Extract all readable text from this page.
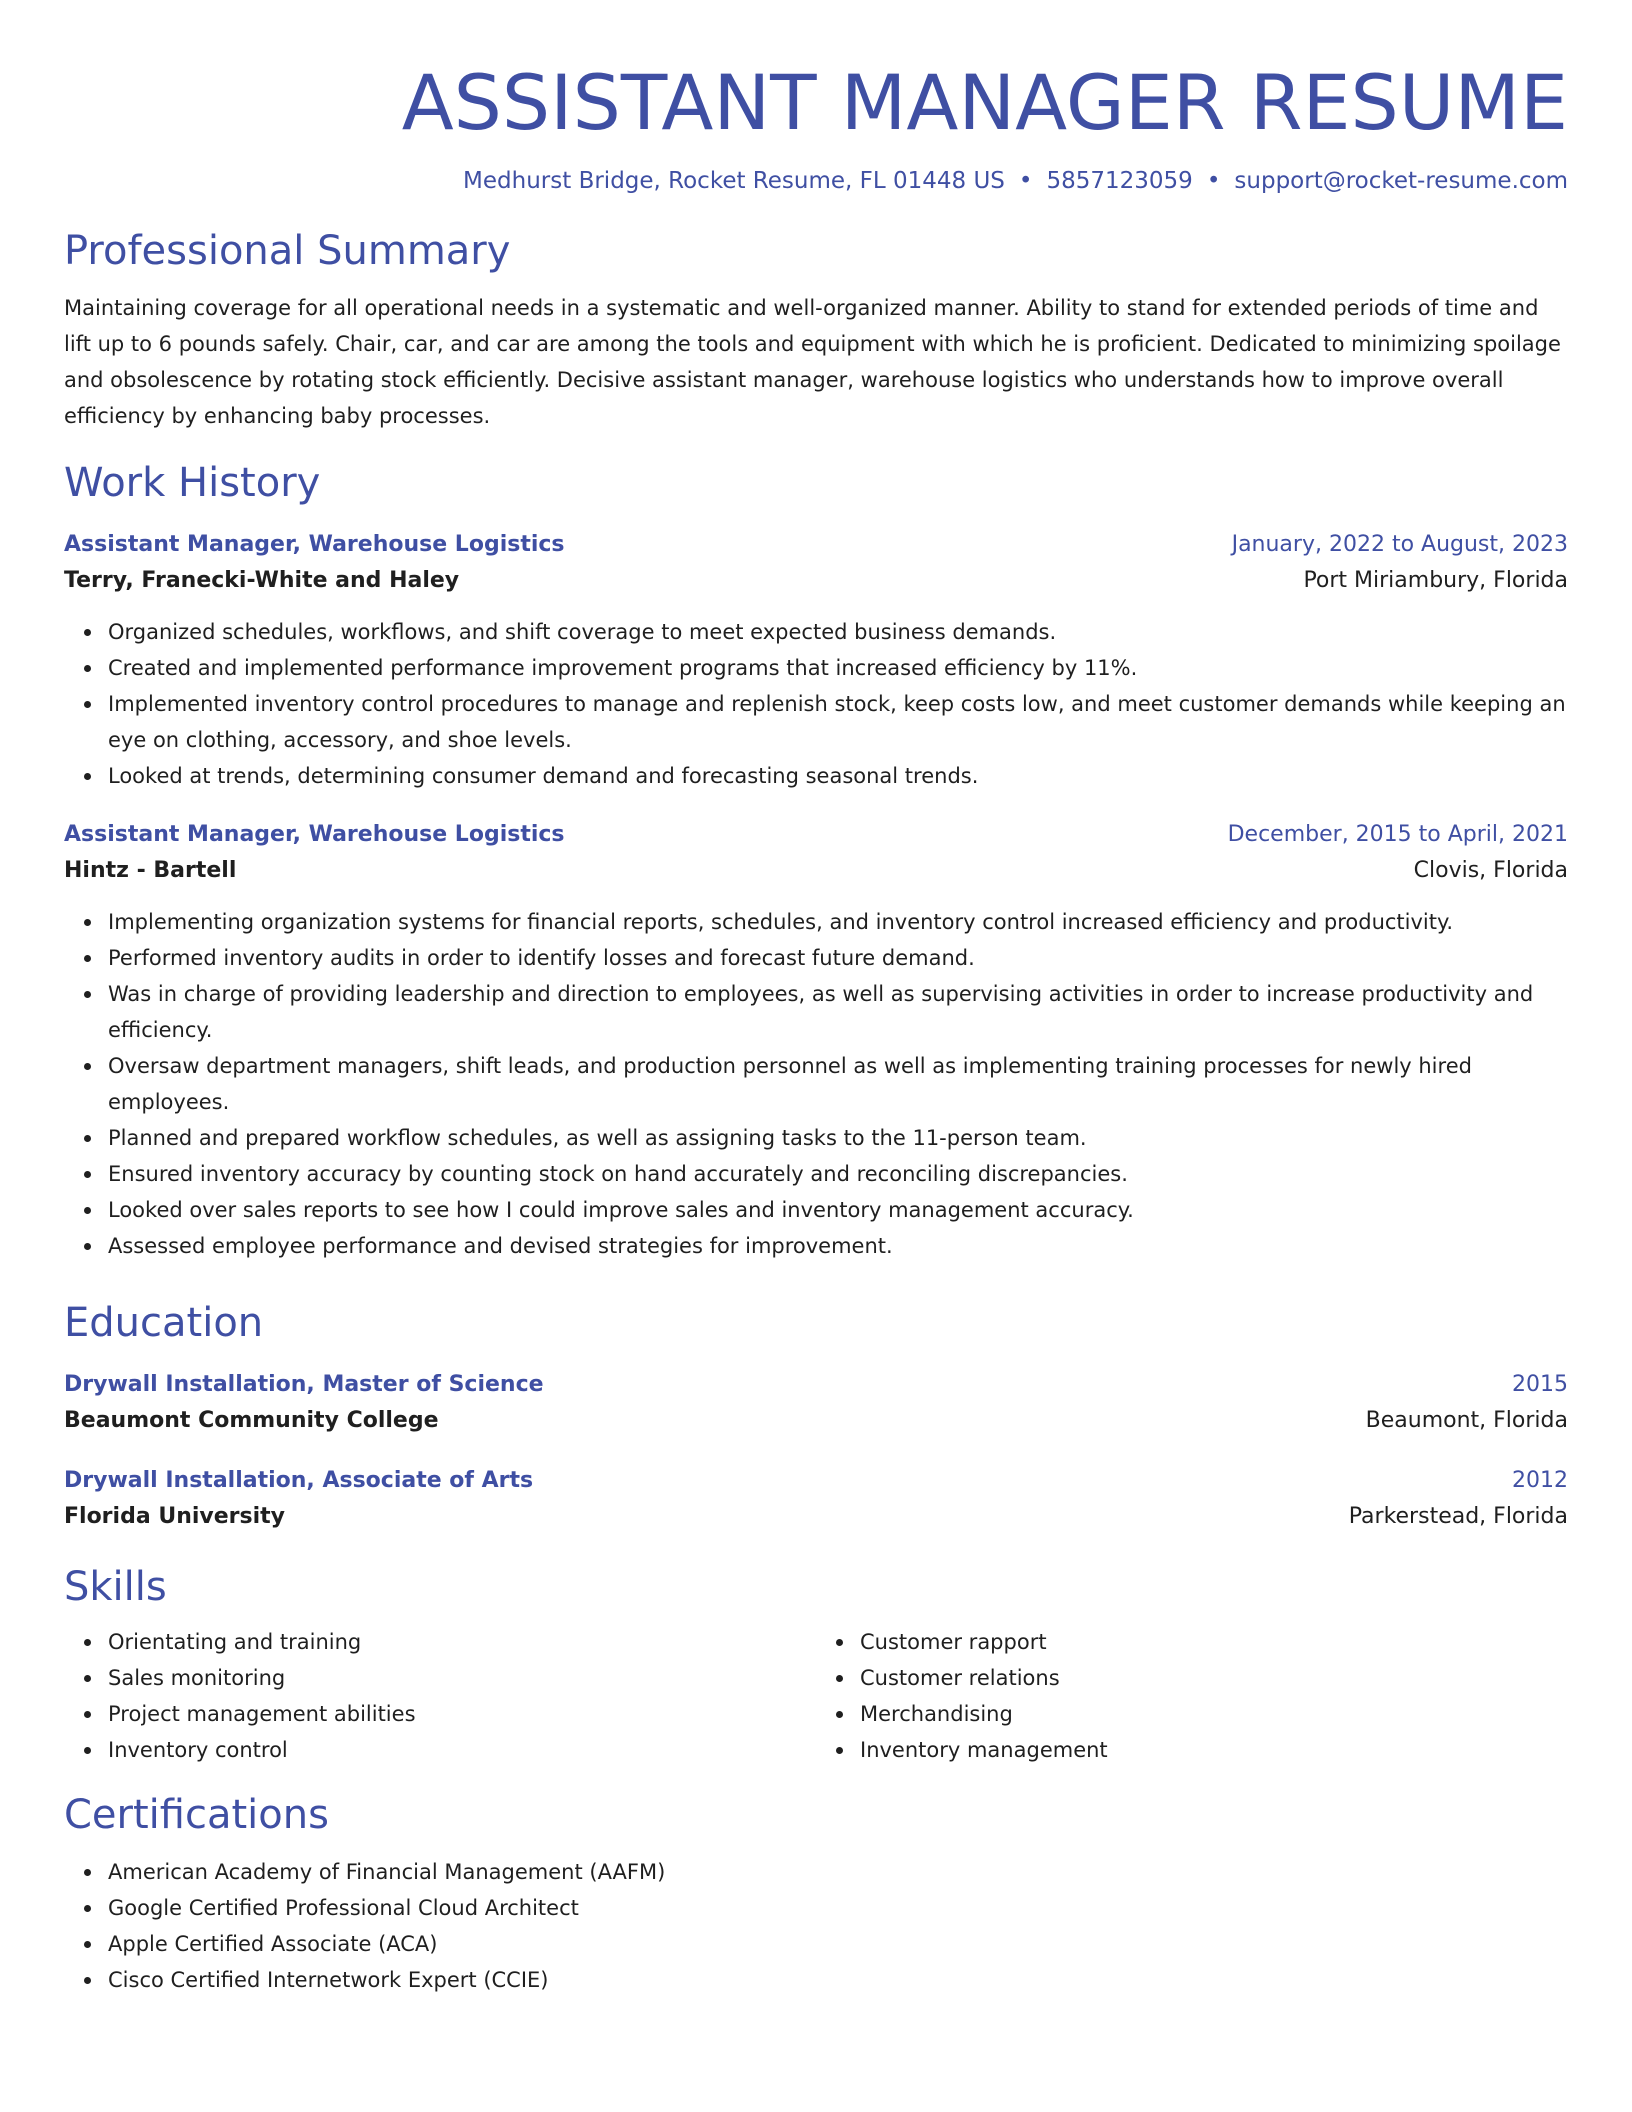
ASSISTANT MANAGER RESUME
Medhurst Bridge, Rocket Resume, FL 01448 US • 5857123059 • support@rocket-resume.com
Professional Summary
Maintaining coverage for all operational needs in a systematic and well-organized manner. Ability to stand for extended periods of time and lift up to 6 pounds safely. Chair, car, and car are among the tools and equipment with which he is proficient. Dedicated to minimizing spoilage and obsolescence by rotating stock efficiently. Decisive assistant manager, warehouse logistics who understands how to improve overall efficiency by enhancing baby processes.
Work History
Assistant Manager, Warehouse Logistics	January, 2022 to August, 2023
Terry, Franecki-White and Haley	Port Miriambury, Florida
Organized schedules, workflows, and shift coverage to meet expected business demands.
Created and implemented performance improvement programs that increased efficiency by 11%.
Implemented inventory control procedures to manage and replenish stock, keep costs low, and meet customer demands while keeping an eye on clothing, accessory, and shoe levels.
Looked at trends, determining consumer demand and forecasting seasonal trends.
Assistant Manager, Warehouse Logistics	December, 2015 to April, 2021
Hintz - Bartell	Clovis, Florida
Implementing organization systems for financial reports, schedules, and inventory control increased efficiency and productivity.
Performed inventory audits in order to identify losses and forecast future demand.
Was in charge of providing leadership and direction to employees, as well as supervising activities in order to increase productivity and efficiency.
Oversaw department managers, shift leads, and production personnel as well as implementing training processes for newly hired employees.
Planned and prepared workflow schedules, as well as assigning tasks to the 11-person team.
Ensured inventory accuracy by counting stock on hand accurately and reconciling discrepancies.
Looked over sales reports to see how I could improve sales and inventory management accuracy.
Assessed employee performance and devised strategies for improvement.
Education
Drywall Installation, Master of Science	2015
Beaumont Community College	Beaumont, Florida
Drywall Installation, Associate of Arts	2012
Florida University	Parkerstead, Florida
Skills
Orientating and training
Sales monitoring
Project management abilities
Inventory control
Customer rapport
Customer relations
Merchandising
Inventory management
Certifications
American Academy of Financial Management (AAFM)
Google Certified Professional Cloud Architect
Apple Certified Associate (ACA)
Cisco Certified Internetwork Expert (CCIE)
